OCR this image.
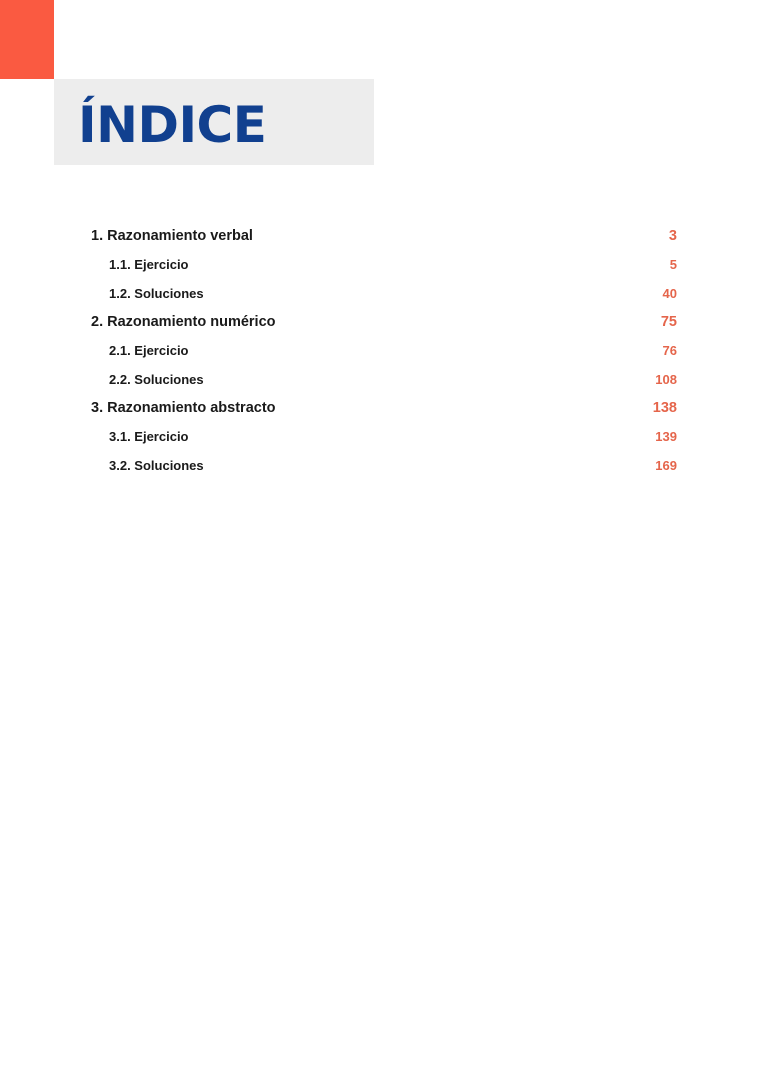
ÍNDICE
1. Razonamiento verbal	3
1.1. Ejercicio	5
1.2. Soluciones	40
2. Razonamiento numérico	75
2.1. Ejercicio	76
2.2. Soluciones	108
3. Razonamiento abstracto	138
3.1. Ejercicio	139
3.2. Soluciones	169
